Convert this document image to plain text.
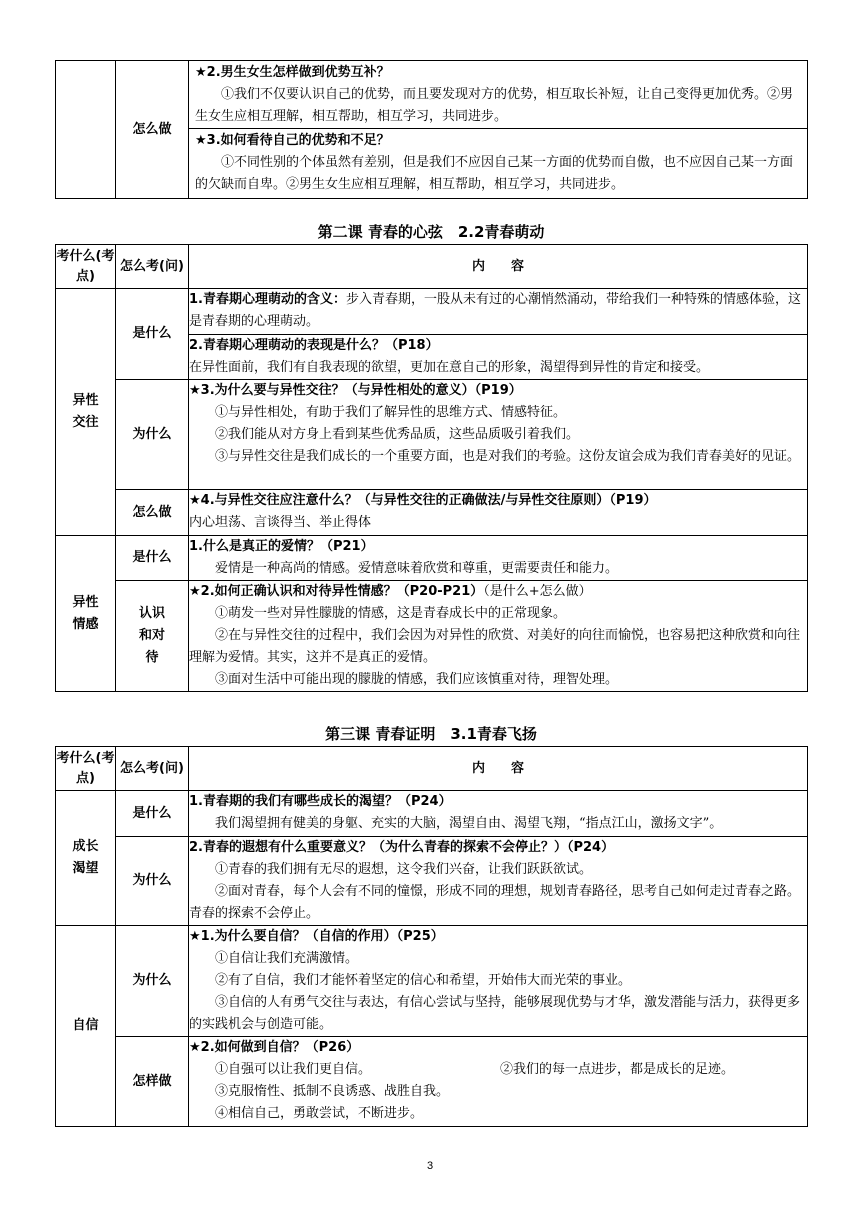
	怎么做	
★2.男生女生怎样做到优势互补？
①我们不仅要认识自己的优势，而且要发现对方的优势，相互取长补短，让自己变得更加优秀。②男生女生应相互理解，相互帮助，相互学习，共同进步。
★3.如何看待自己的优势和不足？
①不同性别的个体虽然有差别，但是我们不应因自己某一方面的优势而自傲，也不应因自己某一方面的欠缺而自卑。②男生女生应相互理解，相互帮助，相互学习，共同进步。
第二课 青春的心弦　2.2青春萌动
考什么(考点)	怎么考(问)	内　　容
异性交往	是什么	1.青春期心理萌动的含义：步入青春期，一股从未有过的心潮悄然涌动，带给我们一种特殊的情感体验，这是青春期的心理萌动。

		2.青春期心理萌动的表现是什么？（P18）
在异性面前，我们有自我表现的欲望，更加在意自己的形象，渴望得到异性的肯定和接受。

	为什么	★3.为什么要与异性交往？（与异性相处的意义）（P19）
①与异性相处，有助于我们了解异性的思维方式、情感特征。
②我们能从对方身上看到某些优秀品质，这些品质吸引着我们。
③与异性交往是我们成长的一个重要方面，也是对我们的考验。这份友谊会成为我们青春美好的见证。

	怎么做	★4.与异性交往应注意什么？（与异性交往的正确做法/与异性交往原则）（P19）
内心坦荡、言谈得当、举止得体

异性情感	是什么	1.什么是真正的爱情？（P21）
爱情是一种高尚的情感。爱情意味着欣赏和尊重，更需要责任和能力。

	认识和对待	★2.如何正确认识和对待异性情感？（P20-P21）（是什么+怎么做）
①萌发一些对异性朦胧的情感，这是青春成长中的正常现象。
②在与异性交往的过程中，我们会因为对异性的欣赏、对美好的向往而愉悦，也容易把这种欣赏和向往理解为爱情。其实，这并不是真正的爱情。
③面对生活中可能出现的朦胧的情感，我们应该慎重对待，理智处理。
第三课 青春证明　3.1青春飞扬
考什么(考点)	怎么考(问)	内　　容
成长渴望	是什么	1.青春期的我们有哪些成长的渴望？（P24）
我们渴望拥有健美的身躯、充实的大脑，渴望自由、渴望飞翔，“指点江山，激扬文字”。

	为什么	2.青春的遐想有什么重要意义？（为什么青春的探索不会停止？）（P24）
①青春的我们拥有无尽的遐想，这令我们兴奋，让我们跃跃欲试。
②面对青春，每个人会有不同的憧憬，形成不同的理想，规划青春路径，思考自己如何走过青春之路。青春的探索不会停止。

自信	为什么	★1.为什么要自信？（自信的作用）（P25）
①自信让我们充满激情。
②有了自信，我们才能怀着坚定的信心和希望，开始伟大而光荣的事业。
③自信的人有勇气交往与表达，有信心尝试与坚持，能够展现优势与才华，激发潜能与活力，获得更多的实践机会与创造可能。

	怎样做	★2.如何做到自信？（P26）
①自强可以让我们更自信。 ②我们的每一点进步，都是成长的足迹。
③克服惰性、抵制不良诱惑、战胜自我。
④相信自己，勇敢尝试，不断进步。
3
